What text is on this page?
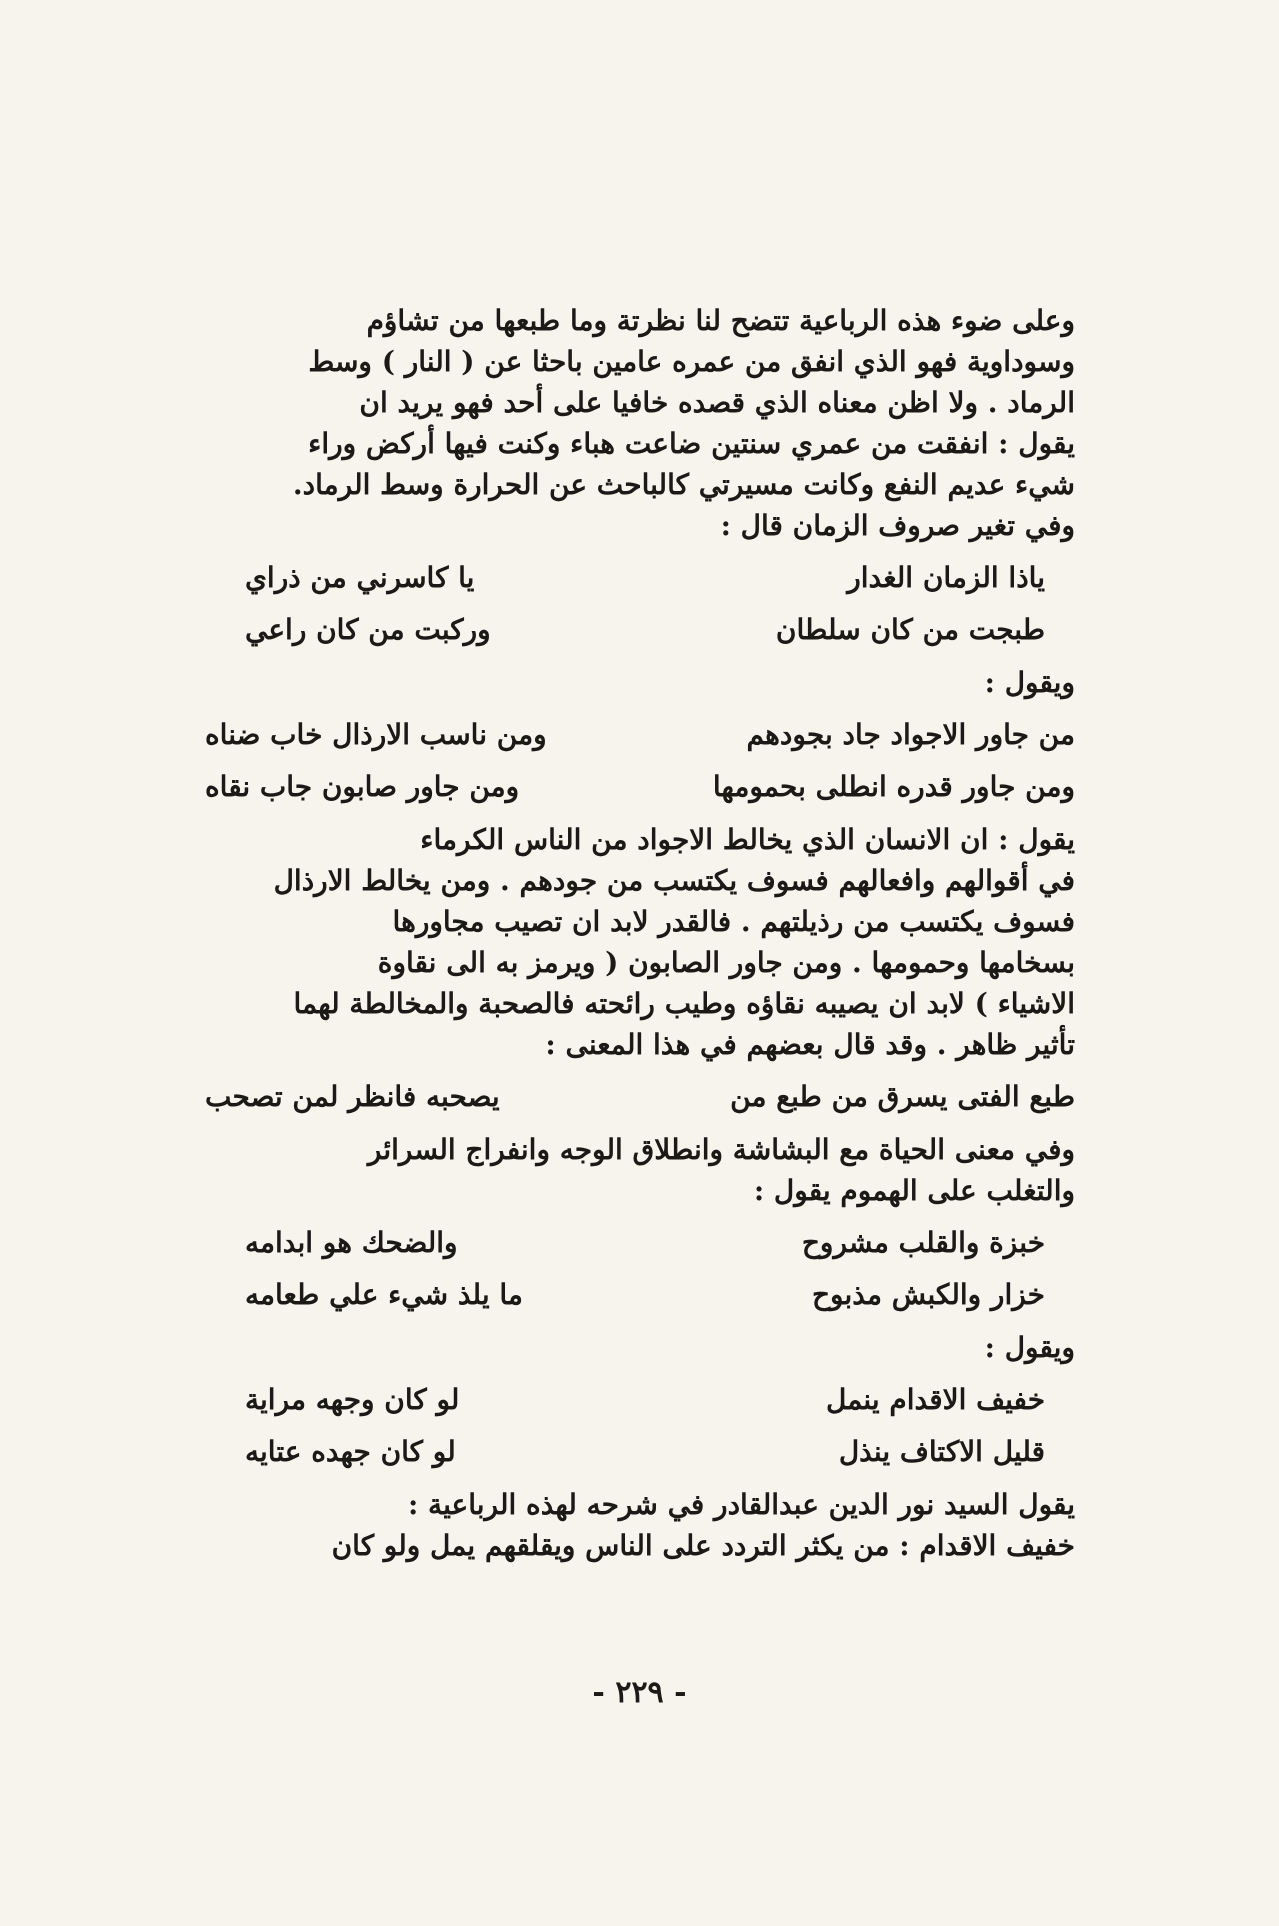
وعلى ضوء هذه الرباعية تتضح لنا نظرتة وما طبعها من تشاؤم

وسوداوية فهو الذي انفق من عمره عامين باحثا عن ( النار ) وسط

الرماد . ولا اظن معناه الذي قصده خافيا على أحد فهو يريد ان

يقول : انفقت من عمري سنتين ضاعت هباء وكنت فيها أركض وراء

شيء عديم النفع وكانت مسيرتي كالباحث عن الحرارة وسط الرماد.

وفي تغير صروف الزمان قال :

ياذا الزمان الغدار
يا كاسرني من ذراي
طبجت من كان سلطان
وركبت من كان راعي

ويقول :

من جاور الاجواد جاد بجودهم
ومن ناسب الارذال خاب ضناه
ومن جاور قدره انطلى بحمومها
ومن جاور صابون جاب نقاه

يقول : ان الانسان الذي يخالط الاجواد من الناس الكرماء

في أقوالهم وافعالهم فسوف يكتسب من جودهم . ومن يخالط الارذال

فسوف يكتسب من رذيلتهم . فالقدر لابد ان تصيب مجاورها

بسخامها وحمومها . ومن جاور الصابون ( ويرمز به الى نقاوة

الاشياء ) لابد ان يصيبه نقاؤه وطيب رائحته فالصحبة والمخالطة لهما

تأثير ظاهر . وقد قال بعضهم في هذا المعنى :

طبع الفتى يسرق من طبع من
يصحبه فانظر لمن تصحب

وفي معنى الحياة مع البشاشة وانطلاق الوجه وانفراج السرائر

والتغلب على الهموم يقول :

خبزة والقلب مشروح
والضحك هو ابدامه
خزار والكبش مذبوح
ما يلذ شيء علي طعامه

ويقول :

خفيف الاقدام ينمل
لو كان وجهه مراية
قليل الاكتاف ينذل
لو كان جهده عتايه

يقول السيد نور الدين عبدالقادر في شرحه لهذه الرباعية :

خفيف الاقدام : من يكثر التردد على الناس ويقلقهم يمل ولو كان

- ٢٢٩ -
